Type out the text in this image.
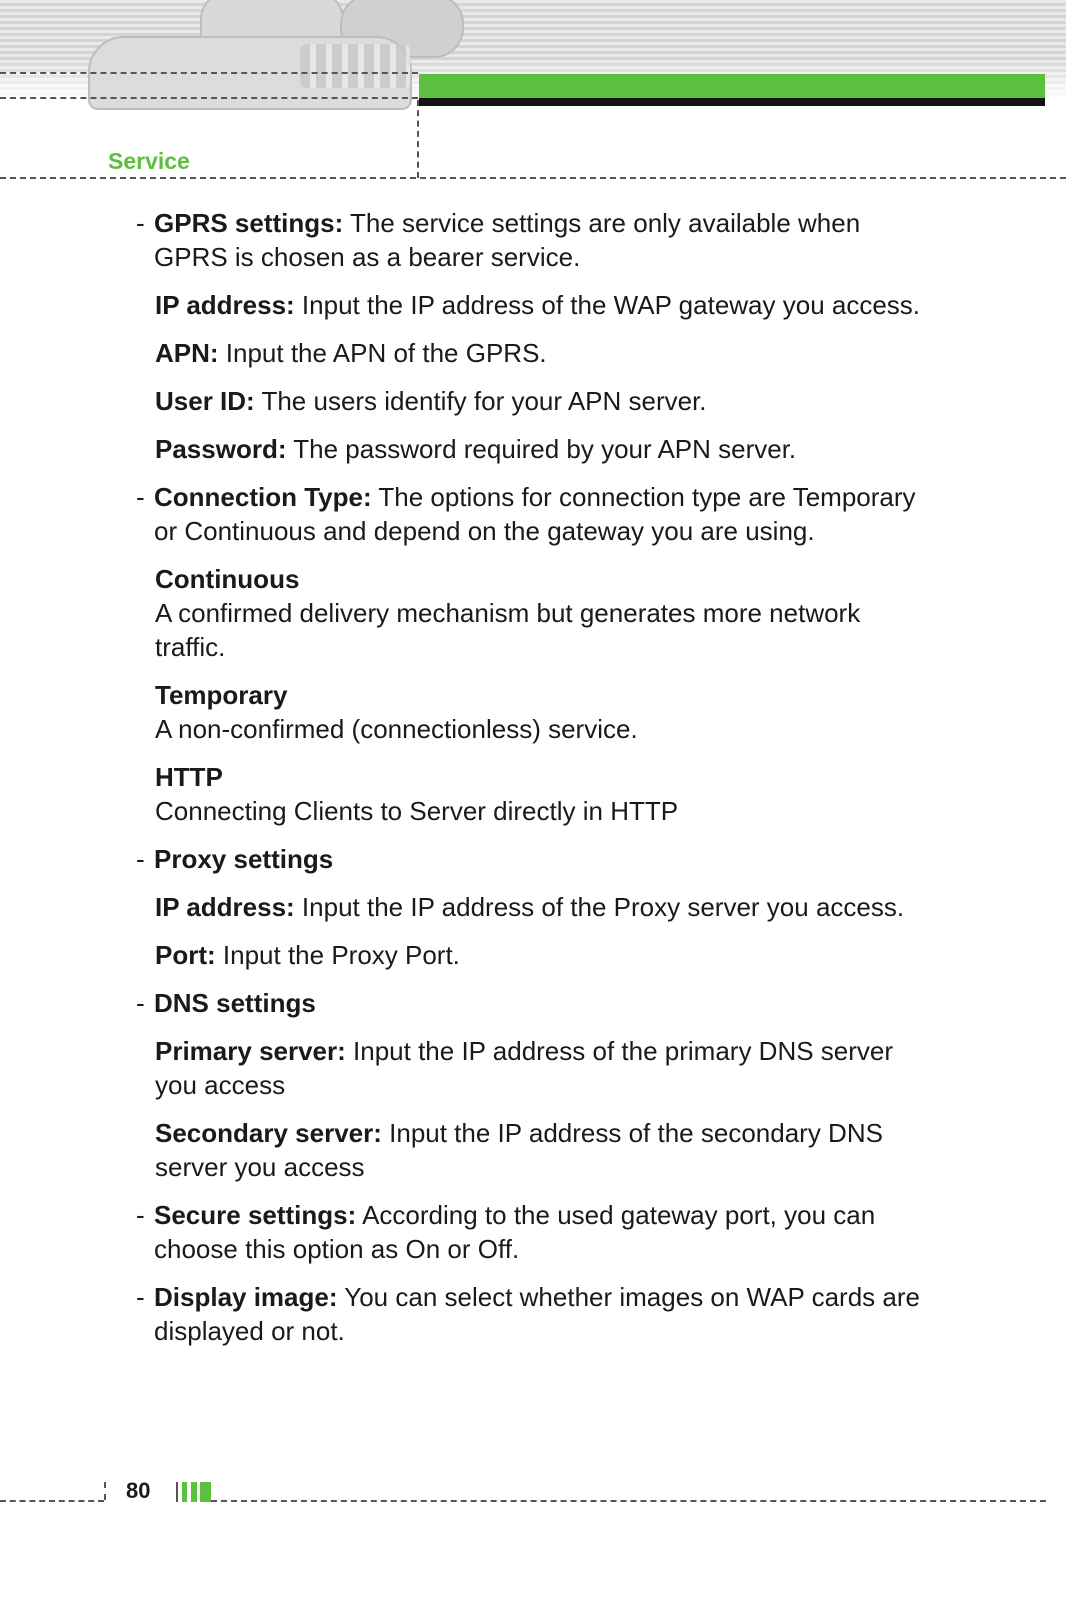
Service
- GPRS settings: The service settings are only available when GPRS is chosen as a bearer service.
IP address: Input the IP address of the WAP gateway you access.
APN: Input the APN of the GPRS.
User ID: The users identify for your APN server.
Password: The password required by your APN server.
- Connection Type: The options for connection type are Temporary or Continuous and depend on the gateway you are using.
Continuous
A confirmed delivery mechanism but generates more network traffic.
Temporary
A non-confirmed (connectionless) service.
HTTP
Connecting Clients to Server directly in HTTP
- Proxy settings
IP address: Input the IP address of the Proxy server you access.
Port: Input the Proxy Port.
- DNS settings
Primary server: Input the IP address of the primary DNS server you access
Secondary server: Input the IP address of the secondary DNS server you access
- Secure settings: According to the used gateway port, you can choose this option as On or Off.
- Display image: You can select whether images on WAP cards are displayed or not.
80
